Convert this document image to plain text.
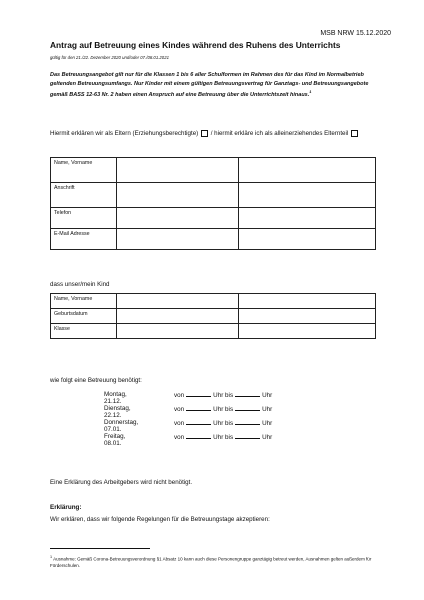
MSB NRW 15.12.2020
Antrag auf Betreuung eines Kindes während des Ruhens des Unterrichts
gültig für den 21./22. Dezember 2020 und/oder 07./08.01.2021
Das Betreuungsangebot gilt nur für die Klassen 1 bis 6 aller Schulformen im Rahmen des für das Kind im Normalbetrieb geltenden Betreuungsumfangs. Nur Kinder mit einem gültigen Betreuungsvertrag für Ganztags- und Betreuungsangebote gemäß BASS 12-63 Nr. 2 haben einen Anspruch auf eine Betreuung über die Unterrichtszeit hinaus.$^1$
Hiermit erklären wir als Eltern (Erziehungsberechtigte) / hiermit erkläre ich als alleinerziehendes Elternteil
Name, Vorname		
Anschrift		
Telefon		
E-Mail Adresse		
dass unser/mein Kind
Name, Vorname		
Geburtsdatum		
Klasse		
wie folgt eine Betreuung benötigt:
Montag, 21.12.
von	Uhr bis	Uhr
Dienstag, 22.12.
von	Uhr bis	Uhr
Donnerstag, 07.01.
von	Uhr bis	Uhr
Freitag, 08.01.
von	Uhr bis	Uhr
Eine Erklärung des Arbeitgebers wird nicht benötigt.
Erklärung:
Wir erklären, dass wir folgende Regelungen für die Betreuungstage akzeptieren:
$^1$ Ausnahme: Gemäß Corona-Betreuungsverordnung §1 Absatz 10 kann auch diese Personengruppe ganztägig betreut werden, Ausnahmen gelten außerdem für Förderschulen.
